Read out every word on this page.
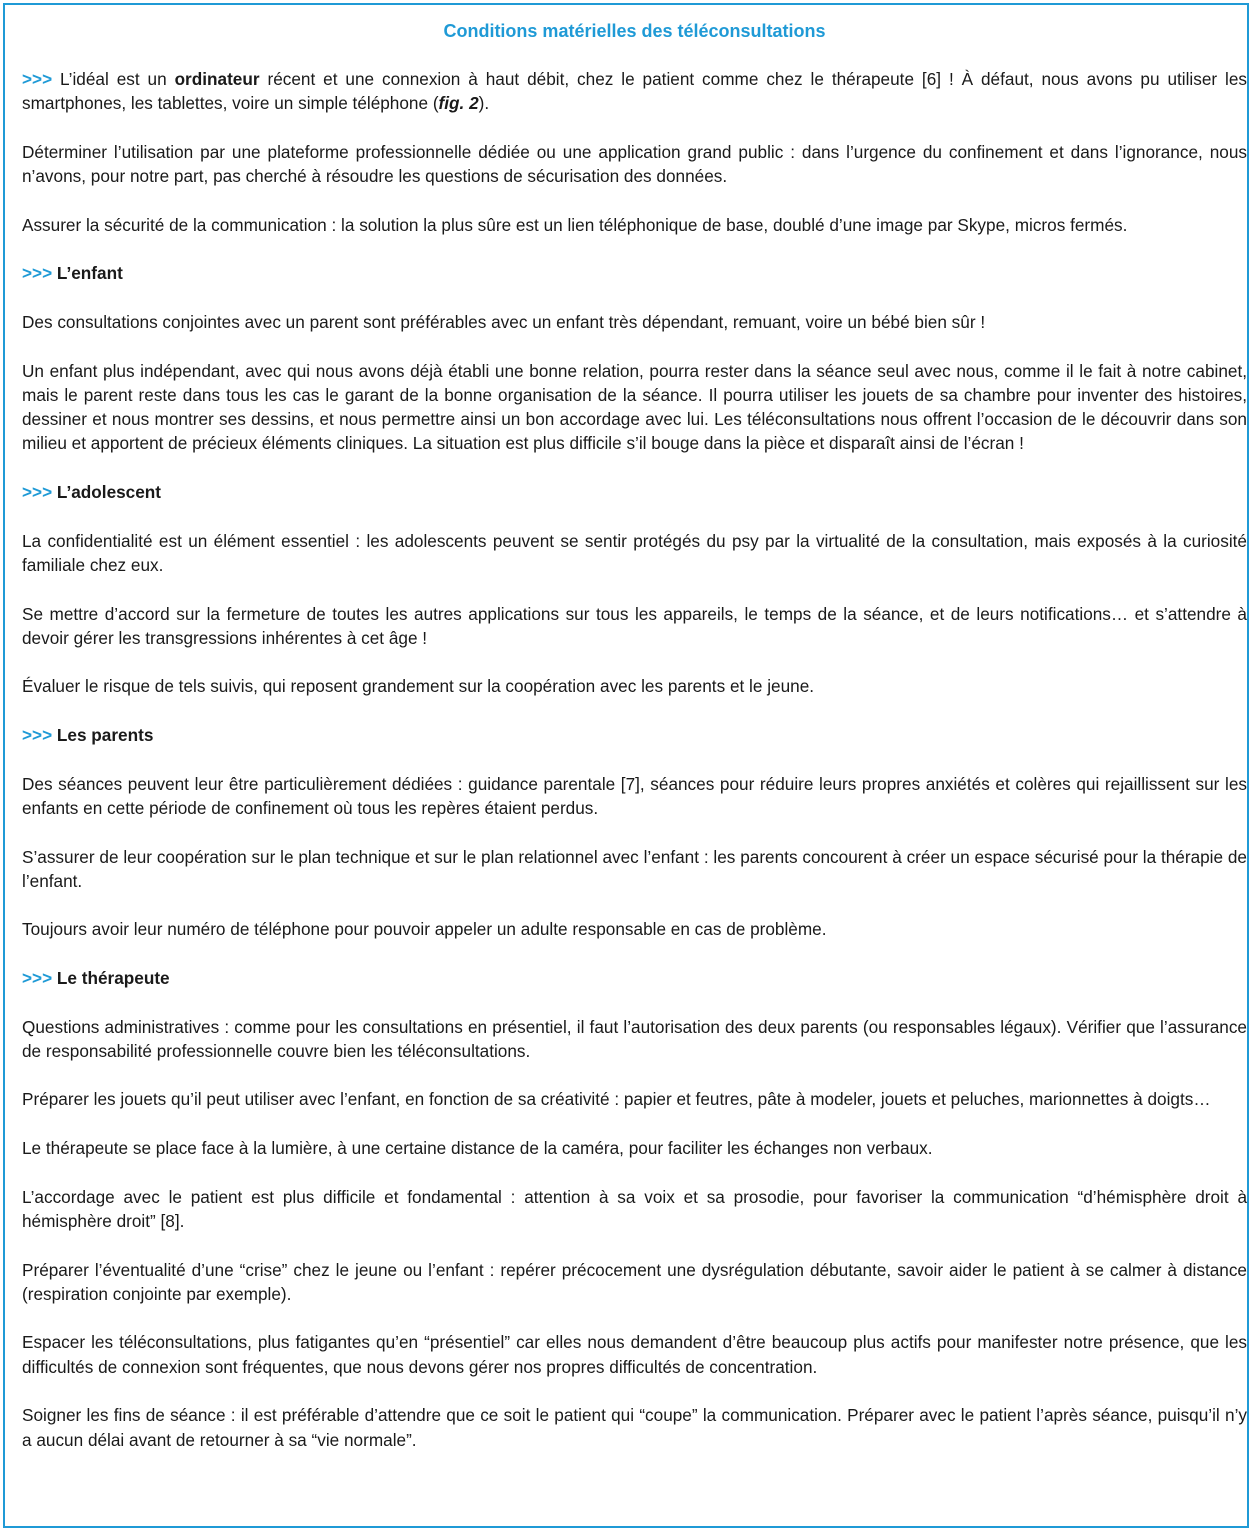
Conditions matérielles des téléconsultations
>>> L’idéal est un ordinateur récent et une connexion à haut débit, chez le patient comme chez le thérapeute [6] ! À défaut, nous avons pu utiliser les smartphones, les tablettes, voire un simple téléphone (fig. 2).
Déterminer l’utilisation par une plateforme professionnelle dédiée ou une application grand public : dans l’urgence du confinement et dans l’ignorance, nous n’avons, pour notre part, pas cherché à résoudre les questions de sécurisation des données.
Assurer la sécurité de la communication : la solution la plus sûre est un lien téléphonique de base, doublé d’une image par Skype, micros fermés.
>>> L’enfant
Des consultations conjointes avec un parent sont préférables avec un enfant très dépendant, remuant, voire un bébé bien sûr !
Un enfant plus indépendant, avec qui nous avons déjà établi une bonne relation, pourra rester dans la séance seul avec nous, comme il le fait à notre cabinet, mais le parent reste dans tous les cas le garant de la bonne organisation de la séance. Il pourra utiliser les jouets de sa chambre pour inventer des histoires, dessiner et nous montrer ses dessins, et nous permettre ainsi un bon accordage avec lui. Les téléconsultations nous offrent l’occasion de le découvrir dans son milieu et apportent de précieux éléments cliniques. La situation est plus difficile s’il bouge dans la pièce et disparaît ainsi de l’écran !
>>> L’adolescent
La confidentialité est un élément essentiel : les adolescents peuvent se sentir protégés du psy par la virtualité de la consultation, mais exposés à la curiosité familiale chez eux.
Se mettre d’accord sur la fermeture de toutes les autres applications sur tous les appareils, le temps de la séance, et de leurs notifications… et s’attendre à devoir gérer les transgressions inhérentes à cet âge !
Évaluer le risque de tels suivis, qui reposent grandement sur la coopération avec les parents et le jeune.
>>> Les parents
Des séances peuvent leur être particulièrement dédiées : guidance parentale [7], séances pour réduire leurs propres anxiétés et colères qui rejaillissent sur les enfants en cette période de confinement où tous les repères étaient perdus.
S’assurer de leur coopération sur le plan technique et sur le plan relationnel avec l’enfant : les parents concourent à créer un espace sécurisé pour la thérapie de l’enfant.
Toujours avoir leur numéro de téléphone pour pouvoir appeler un adulte responsable en cas de problème.
>>> Le thérapeute
Questions administratives : comme pour les consultations en présentiel, il faut l’autorisation des deux parents (ou responsables légaux). Vérifier que l’assurance de responsabilité professionnelle couvre bien les téléconsultations.
Préparer les jouets qu’il peut utiliser avec l’enfant, en fonction de sa créativité : papier et feutres, pâte à modeler, jouets et peluches, marionnettes à doigts…
Le thérapeute se place face à la lumière, à une certaine distance de la caméra, pour faciliter les échanges non verbaux.
L’accordage avec le patient est plus difficile et fondamental : attention à sa voix et sa prosodie, pour favoriser la communication “d’hémisphère droit à hémisphère droit” [8].
Préparer l’éventualité d’une “crise” chez le jeune ou l’enfant : repérer précocement une dysrégulation débutante, savoir aider le patient à se calmer à distance (respiration conjointe par exemple).
Espacer les téléconsultations, plus fatigantes qu’en “présentiel” car elles nous demandent d’être beaucoup plus actifs pour manifester notre présence, que les difficultés de connexion sont fréquentes, que nous devons gérer nos propres difficultés de concentration.
Soigner les fins de séance : il est préférable d’attendre que ce soit le patient qui “coupe” la communication. Préparer avec le patient l’après séance, puisqu’il n’y a aucun délai avant de retourner à sa “vie normale”.
